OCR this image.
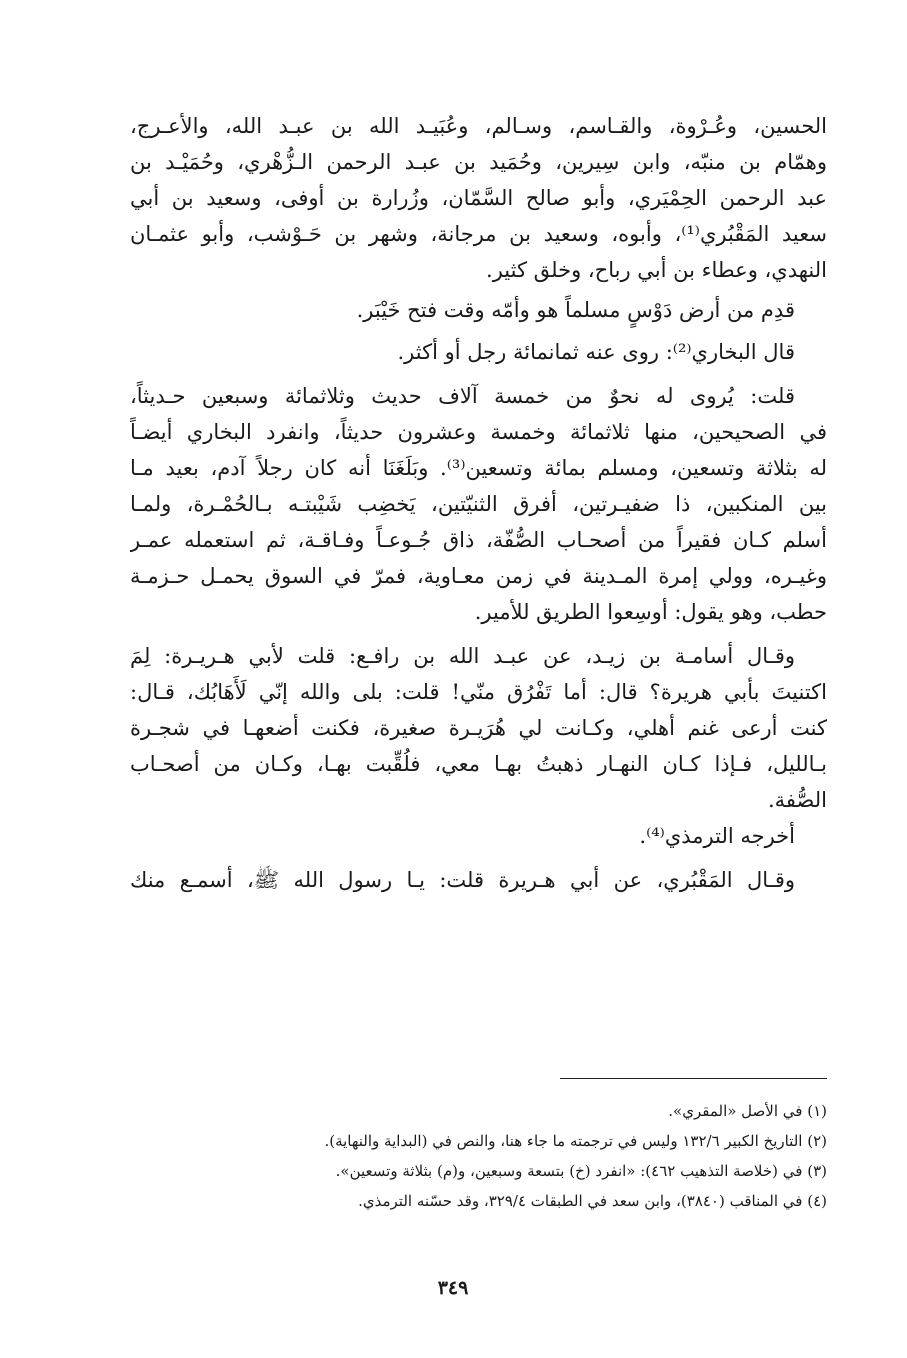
الحسين، وعُـرْوة، والقـاسم، وسـالم، وعُبَيـد الله بن عبـد الله، والأعـرج،
وهمّام بن منبّه، وابن سِيرين، وحُمَيد بن عبـد الرحمن الـزُّهْري، وحُمَيْـد بن
عبد الرحمن الحِمْيَري، وأبو صالح السَّمّان، وزُرارة بن أوفى، وسعيد بن أبي
سعيد المَقْبُري⁽¹⁾، وأبوه، وسعيد بن مرجانة، وشهر بن حَـوْشب، وأبو عثمـان
النهدي، وعطاء بن أبي رباح، وخلق كثير.
قدِم من أرض دَوْسٍ مسلماً هو وأمّه وقت فتح خَيْبَر.
قال البخاري⁽²⁾: روى عنه ثمانمائة رجل أو أكثر.
قلت: يُروى له نحوٌ من خمسة آلاف حديث وثلاثمائة وسبعين حـديثاً،
في الصحيحين، منها ثلاثمائة وخمسة وعشرون حديثاً، وانفرد البخاري أيضـاً
له بثلاثة وتسعين، ومسلم بمائة وتسعين⁽³⁾. وبَلَغَنَا أنه كان رجلاً آدم، بعيد مـا
بين المنكبين، ذا ضفيـرتين، أفرق الثنيّتين، يَخضِب شَيْبتـه بـالحُمْـرة، ولمـا
أسلم كـان فقيراً من أصحـاب الصُّفّة، ذاق جُـوعـاً وفـاقـة، ثم استعمله عمـر
وغيـره، وولي إمرة المـدينة في زمن معـاوية، فمرّ في السوق يحمـل حـزمـة
حطب، وهو يقول: أوسِعوا الطريق للأمير.
وقـال أسامـة بن زيـد، عن عبـد الله بن رافـع: قلت لأبي هـريـرة: لِمَ
اكتنيتَ بأبي هريرة؟ قال: أما تَفْرُق منّي! قلت: بلى والله إنّي لَأَهَابُك، قـال:
كنت أرعى غنم أهلي، وكـانت لي هُرَيـرة صغيرة، فكنت أضعهـا في شجـرة
بـالليل، فـإذا كـان النهـار ذهبتُ بهـا معي، فلُقِّبت بهـا، وكـان من أصحـاب
الصُّفة.
أخرجه الترمذي⁽⁴⁾.
وقـال المَقْبُري، عن أبي هـريرة قلت: يـا رسول الله ﷺ، أسمـع منك
(١) في الأصل «المقري».
(٢) التاريخ الكبير ١٣٢/٦ وليس في ترجمته ما جاء هنا، والنص في (البداية والنهاية).
(٣) في (خلاصة التذهيب ٤٦٢): «انفرد (خ) بتسعة وسبعين، و(م) بثلاثة وتسعين».
(٤) في المناقب (٣٨٤٠)، وابن سعد في الطبقات ٣٢٩/٤، وقد حسّنه الترمذي.
٣٤٩
